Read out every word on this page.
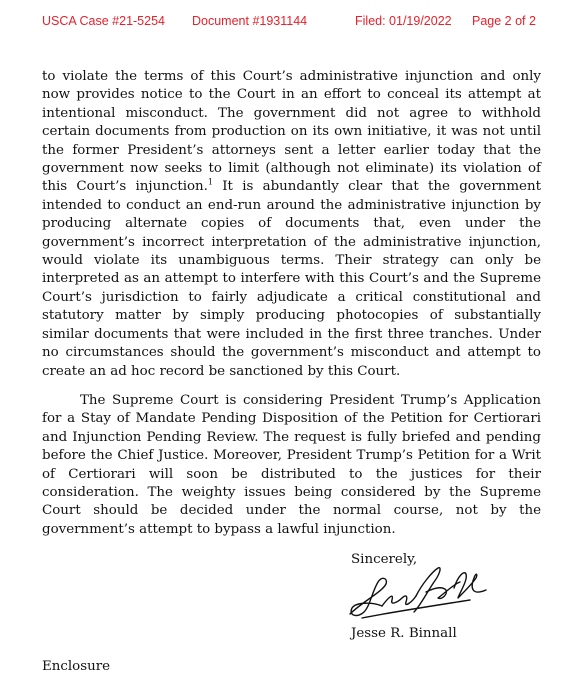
USCA Case #21-5254 Document #1931144	Filed: 01/19/2022 Page 2 of 2

to violate the terms of this Court’s administrative injunction and only now provides notice to the Court in an effort to conceal its attempt at intentional misconduct. The government did not agree to withhold certain documents from production on its own initiative, it was not until the former President’s attorneys sent a letter earlier today that the government now seeks to limit (although not eliminate) its violation of this Court’s injunction.$^1$ It is abundantly clear that the government intended to conduct an end-run around the administrative injunction by producing alternate copies of documents that, even under the government’s incorrect interpretation of the administrative injunction, would violate its unambiguous terms. Their strategy can only be interpreted as an attempt to interfere with this Court’s and the Supreme Court’s jurisdiction to fairly adjudicate a critical constitutional and statutory matter by simply producing photocopies of substantially similar documents that were included in the first three tranches. Under no circumstances should the government’s misconduct and attempt to create an ad hoc record be sanctioned by this Court.

The Supreme Court is considering President Trump’s Application for a Stay of Mandate Pending Disposition of the Petition for Certiorari and Injunction Pending Review. The request is fully briefed and pending before the Chief Justice. Moreover, President Trump’s Petition for a Writ of Certiorari will soon be distributed to the justices for their consideration. The weighty issues being considered by the Supreme Court should be decided under the normal course, not by the government’s attempt to bypass a lawful injunction.

Sincerely,
Jesse R. Binnall
Enclosure
